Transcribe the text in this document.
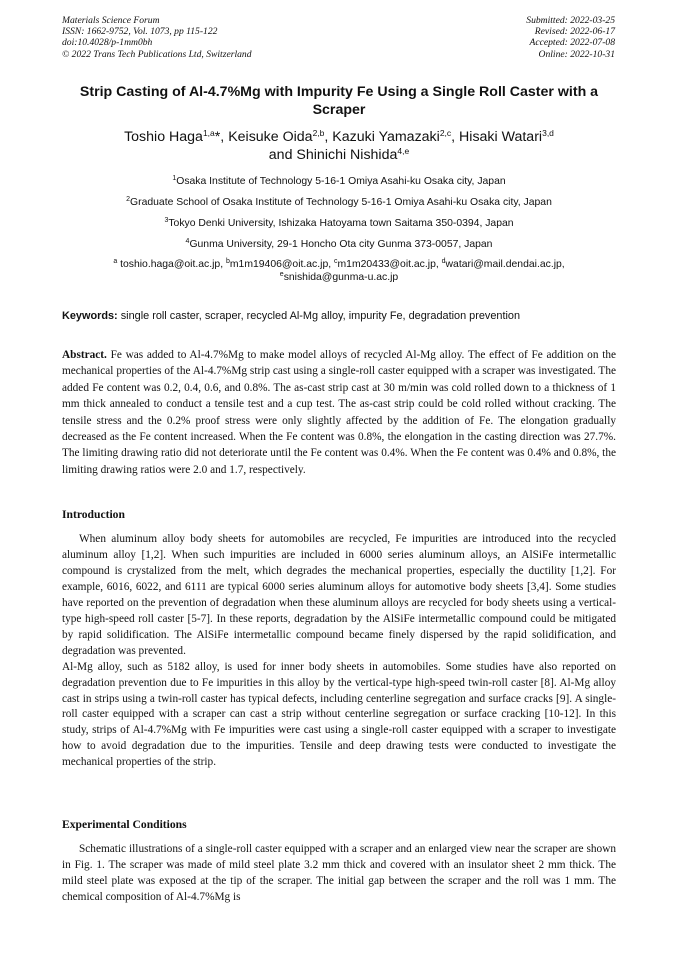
Materials Science Forum
ISSN: 1662-9752, Vol. 1073, pp 115-122
doi:10.4028/p-1mm0bh
© 2022 Trans Tech Publications Ltd, Switzerland
Submitted: 2022-03-25
Revised: 2022-06-17
Accepted: 2022-07-08
Online: 2022-10-31
Strip Casting of Al-4.7%Mg with Impurity Fe Using a Single Roll Caster with a Scraper
Toshio Haga$^{1,a}$*, Keisuke Oida$^{2,b}$, Kazuki Yamazaki$^{2,c}$, Hisaki Watari$^{3,d}$
and Shinichi Nishida$^{4,e}$
$^1$Osaka Institute of Technology 5-16-1 Omiya Asahi-ku Osaka city, Japan
$^2$Graduate School of Osaka Institute of Technology 5-16-1 Omiya Asahi-ku Osaka city, Japan
$^3$Tokyo Denki University, Ishizaka Hatoyama town Saitama 350-0394, Japan
$^4$Gunma University, 29-1 Honcho Ota city Gunma 373-0057, Japan
$^a$ toshio.haga@oit.ac.jp, $^b$m1m19406@oit.ac.jp, $^c$m1m20433@oit.ac.jp, $^d$watari@mail.dendai.ac.jp,
$^e$snishida@gunma-u.ac.jp
Keywords: single roll caster, scraper, recycled Al-Mg alloy, impurity Fe, degradation prevention
Abstract. Fe was added to Al-4.7%Mg to make model alloys of recycled Al-Mg alloy. The effect of Fe addition on the mechanical properties of the Al-4.7%Mg strip cast using a single-roll caster equipped with a scraper was investigated. The added Fe content was 0.2, 0.4, 0.6, and 0.8%. The as-cast strip cast at 30 m/min was cold rolled down to a thickness of 1 mm thick annealed to conduct a tensile test and a cup test. The as-cast strip could be cold rolled without cracking. The tensile stress and the 0.2% proof stress were only slightly affected by the addition of Fe. The elongation gradually decreased as the Fe content increased. When the Fe content was 0.8%, the elongation in the casting direction was 27.7%. The limiting drawing ratio did not deteriorate until the Fe content was 0.4%. When the Fe content was 0.4% and 0.8%, the limiting drawing ratios were 2.0 and 1.7, respectively.
Introduction

When aluminum alloy body sheets for automobiles are recycled, Fe impurities are introduced into the recycled aluminum alloy [1,2]. When such impurities are included in 6000 series aluminum alloys, an AlSiFe intermetallic compound is crystalized from the melt, which degrades the mechanical properties, especially the ductility [1,2]. For example, 6016, 6022, and 6111 are typical 6000 series aluminum alloys for automotive body sheets [3,4]. Some studies have reported on the prevention of degradation when these aluminum alloys are recycled for body sheets using a vertical-type high-speed roll caster [5-7]. In these reports, degradation by the AlSiFe intermetallic compound could be mitigated by rapid solidification. The AlSiFe intermetallic compound became finely dispersed by the rapid solidification, and degradation was prevented.

Al-Mg alloy, such as 5182 alloy, is used for inner body sheets in automobiles. Some studies have also reported on degradation prevention due to Fe impurities in this alloy by the vertical-type high-speed twin-roll caster [8]. Al-Mg alloy cast in strips using a twin-roll caster has typical defects, including centerline segregation and surface cracks [9]. A single-roll caster equipped with a scraper can cast a strip without centerline segregation or surface cracking [10-12]. In this study, strips of Al-4.7%Mg with Fe impurities were cast using a single-roll caster equipped with a scraper to investigate how to avoid degradation due to the impurities. Tensile and deep drawing tests were conducted to investigate the mechanical properties of the strip.

Experimental Conditions

Schematic illustrations of a single-roll caster equipped with a scraper and an enlarged view near the scraper are shown in Fig. 1. The scraper was made of mild steel plate 3.2 mm thick and covered with an insulator sheet 2 mm thick. The mild steel plate was exposed at the tip of the scraper. The initial gap between the scraper and the roll was 1 mm. The chemical composition of Al-4.7%Mg is
